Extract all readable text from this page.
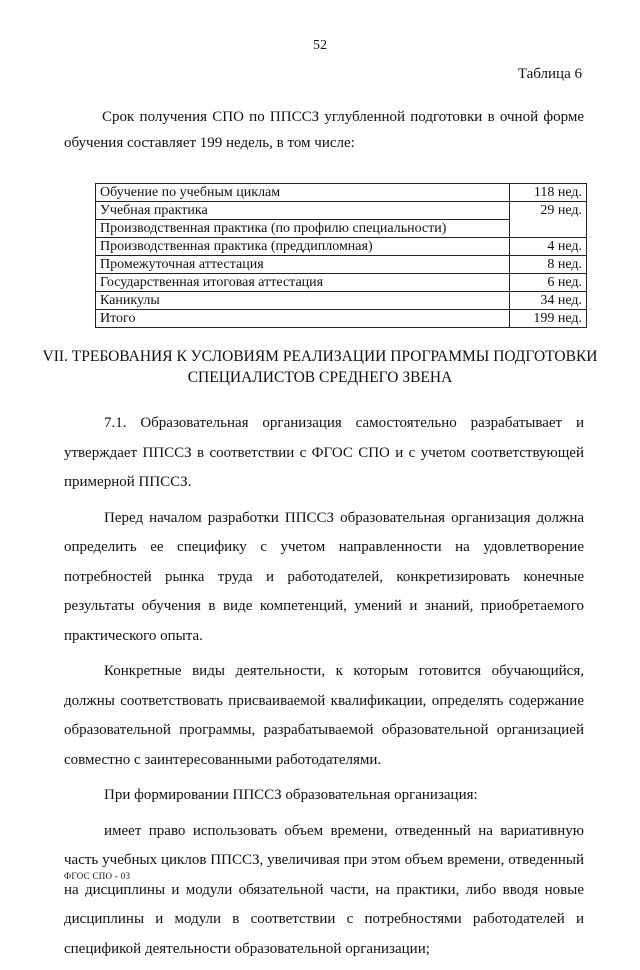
52
Таблица 6
Срок получения СПО по ППССЗ углубленной подготовки в очной форме обучения составляет 199 недель, в том числе:
Обучение по учебным циклам	118 нед.
Учебная практика	29 нед.
Производственная практика (по профилю специальности)	
Производственная практика (преддипломная)	4 нед.
Промежуточная аттестация	8 нед.
Государственная итоговая аттестация	6 нед.
Каникулы	34 нед.
Итого	199 нед.
VII. ТРЕБОВАНИЯ К УСЛОВИЯМ РЕАЛИЗАЦИИ ПРОГРАММЫ ПОДГОТОВКИ
СПЕЦИАЛИСТОВ СРЕДНЕГО ЗВЕНА
7.1. Образовательная организация самостоятельно разрабатывает и утверждает ППССЗ в соответствии с ФГОС СПО и с учетом соответствующей примерной ППССЗ.
Перед началом разработки ППССЗ образовательная организация должна определить ее специфику с учетом направленности на удовлетворение потребностей рынка труда и работодателей, конкретизировать конечные результаты обучения в виде компетенций, умений и знаний, приобретаемого практического опыта.
Конкретные виды деятельности, к которым готовится обучающийся, должны соответствовать присваиваемой квалификации, определять содержание образовательной программы, разрабатываемой образовательной организацией совместно с заинтересованными работодателями.
При формировании ППССЗ образовательная организация:
имеет право использовать объем времени, отведенный на вариативную часть учебных циклов ППССЗ, увеличивая при этом объем времени, отведенный на дисциплины и модули обязательной части, на практики, либо вводя новые дисциплины и модули в соответствии с потребностями работодателей и спецификой деятельности образовательной организации;
ФГОС СПО - 03
